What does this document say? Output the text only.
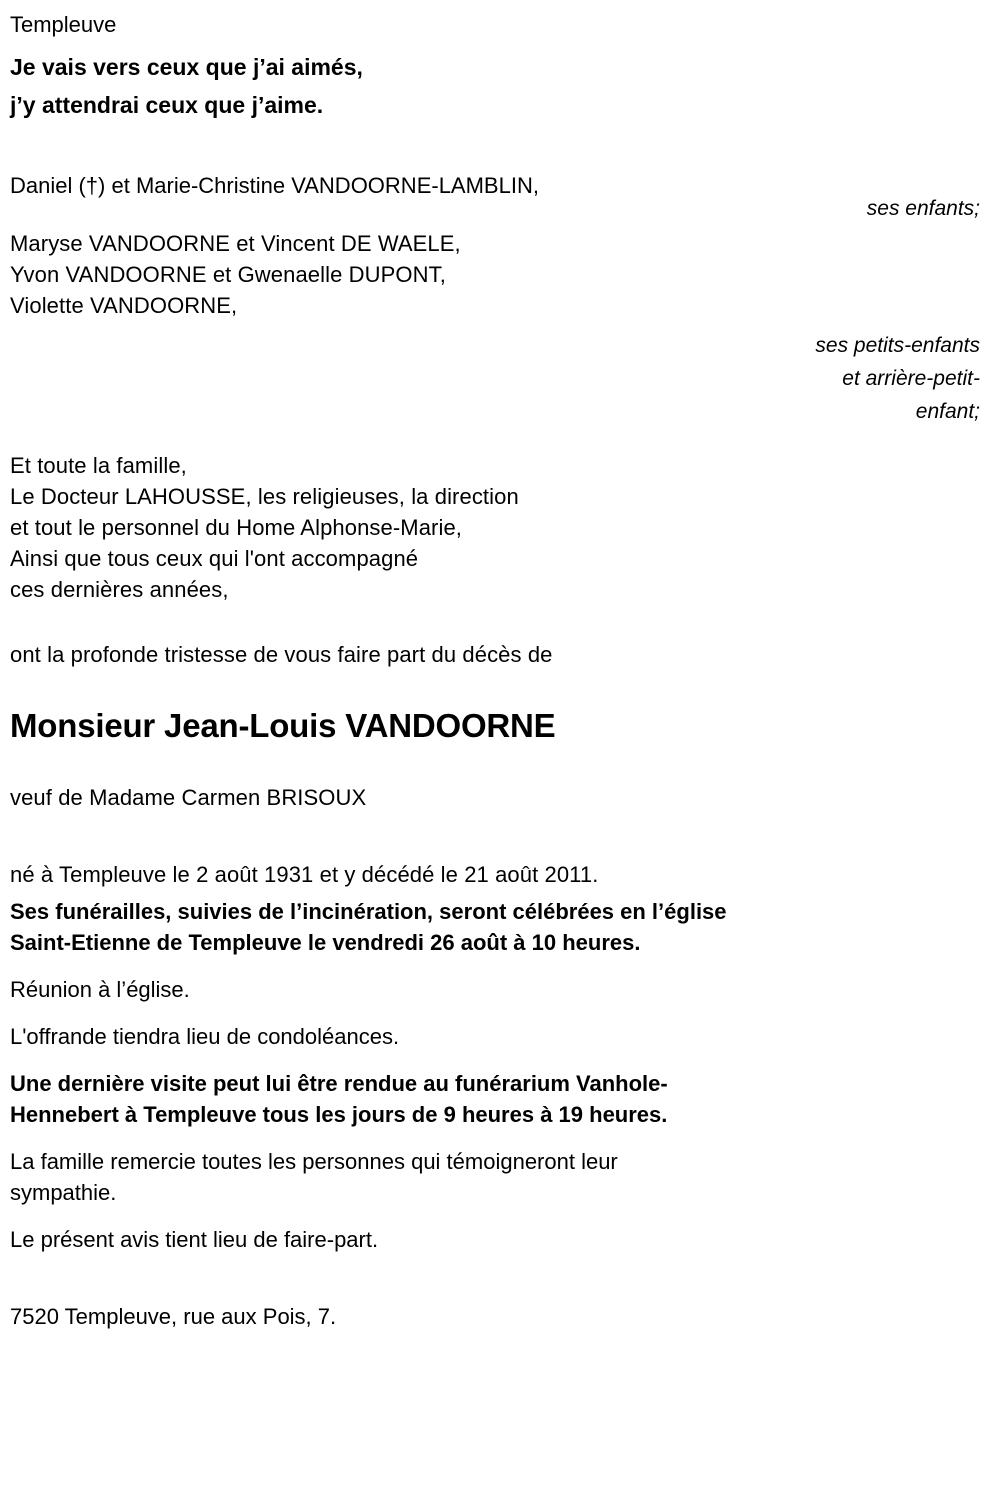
Templeuve
Je vais vers ceux que j’ai aimés,
j’y attendrai ceux que j’aime.
Daniel (†) et Marie-Christine VANDOORNE-LAMBLIN,
ses enfants;
Maryse VANDOORNE et Vincent DE WAELE,
Yvon VANDOORNE et Gwenaelle DUPONT,
Violette VANDOORNE,
ses petits-enfants
et arrière-petit-
enfant;
Et toute la famille,
Le Docteur LAHOUSSE, les religieuses, la direction
et tout le personnel du Home Alphonse-Marie,
Ainsi que tous ceux qui l'ont accompagné
ces dernières années,
ont la profonde tristesse de vous faire part du décès de
Monsieur Jean-Louis VANDOORNE
veuf de Madame Carmen BRISOUX
né à Templeuve le 2 août 1931 et y décédé le 21 août 2011.
Ses funérailles, suivies de l’incinération, seront célébrées en l’église
Saint-Etienne de Templeuve le vendredi 26 août à 10 heures.
Réunion à l’église.
L'offrande tiendra lieu de condoléances.
Une dernière visite peut lui être rendue au funérarium Vanhole-
Hennebert à Templeuve tous les jours de 9 heures à 19 heures.
La famille remercie toutes les personnes qui témoigneront leur
sympathie.
Le présent avis tient lieu de faire-part.
7520 Templeuve, rue aux Pois, 7.
